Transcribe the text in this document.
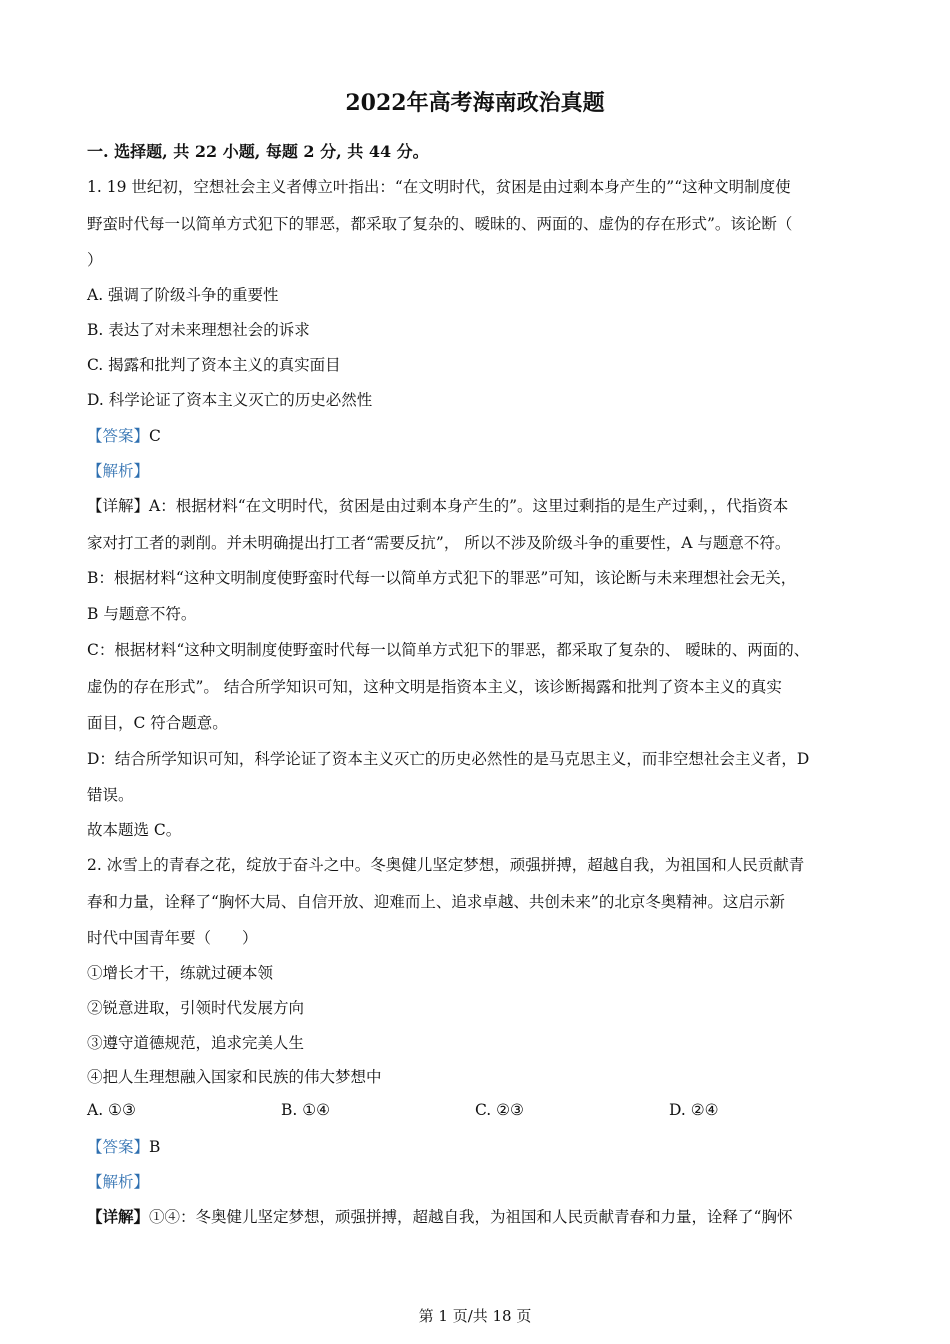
2022年高考海南政治真题
一. 选择题, 共 22 小题, 每题 2 分, 共 44 分。
1. 19 世纪初，空想社会主义者傅立叶指出：“在文明时代，贫困是由过剩本身产生的”“这种文明制度使
野蛮时代每一以简单方式犯下的罪恶，都采取了复杂的、暧昧的、两面的、虚伪的存在形式”。该论断（
）
A. 强调了阶级斗争的重要性
B. 表达了对未来理想社会的诉求
C. 揭露和批判了资本主义的真实面目
D. 科学论证了资本主义灭亡的历史必然性
【答案】C
【解析】
【详解】A：根据材料“在文明时代，贫困是由过剩本身产生的”。这里过剩指的是生产过剩，，代指资本
家对打工者的剥削。并未明确提出打工者“需要反抗”， 所以不涉及阶级斗争的重要性，A 与题意不符。
B：根据材料“这种文明制度使野蛮时代每一以简单方式犯下的罪恶”可知，该论断与未来理想社会无关，
B 与题意不符。
C：根据材料“这种文明制度使野蛮时代每一以简单方式犯下的罪恶，都采取了复杂的、 暧昧的、两面的、
虚伪的存在形式”。 结合所学知识可知，这种文明是指资本主义，该诊断揭露和批判了资本主义的真实
面目，C 符合题意。
D：结合所学知识可知，科学论证了资本主义灭亡的历史必然性的是马克思主义，而非空想社会主义者，D
错误。
故本题选 C。
2. 冰雪上的青春之花，绽放于奋斗之中。冬奥健儿坚定梦想，顽强拼搏，超越自我，为祖国和人民贡献青
春和力量，诠释了“胸怀大局、自信开放、迎难而上、追求卓越、共创未来”的北京冬奥精神。这启示新
时代中国青年要（　　）
①增长才干，练就过硬本领
②锐意进取，引领时代发展方向
③遵守道德规范，追求完美人生
④把人生理想融入国家和民族的伟大梦想中
A. ①③	B. ①④	C. ②③	D. ②④
【答案】B
【解析】
【详解】①④：冬奥健儿坚定梦想，顽强拼搏，超越自我，为祖国和人民贡献青春和力量，诠释了“胸怀
第 1 页/共 18 页
